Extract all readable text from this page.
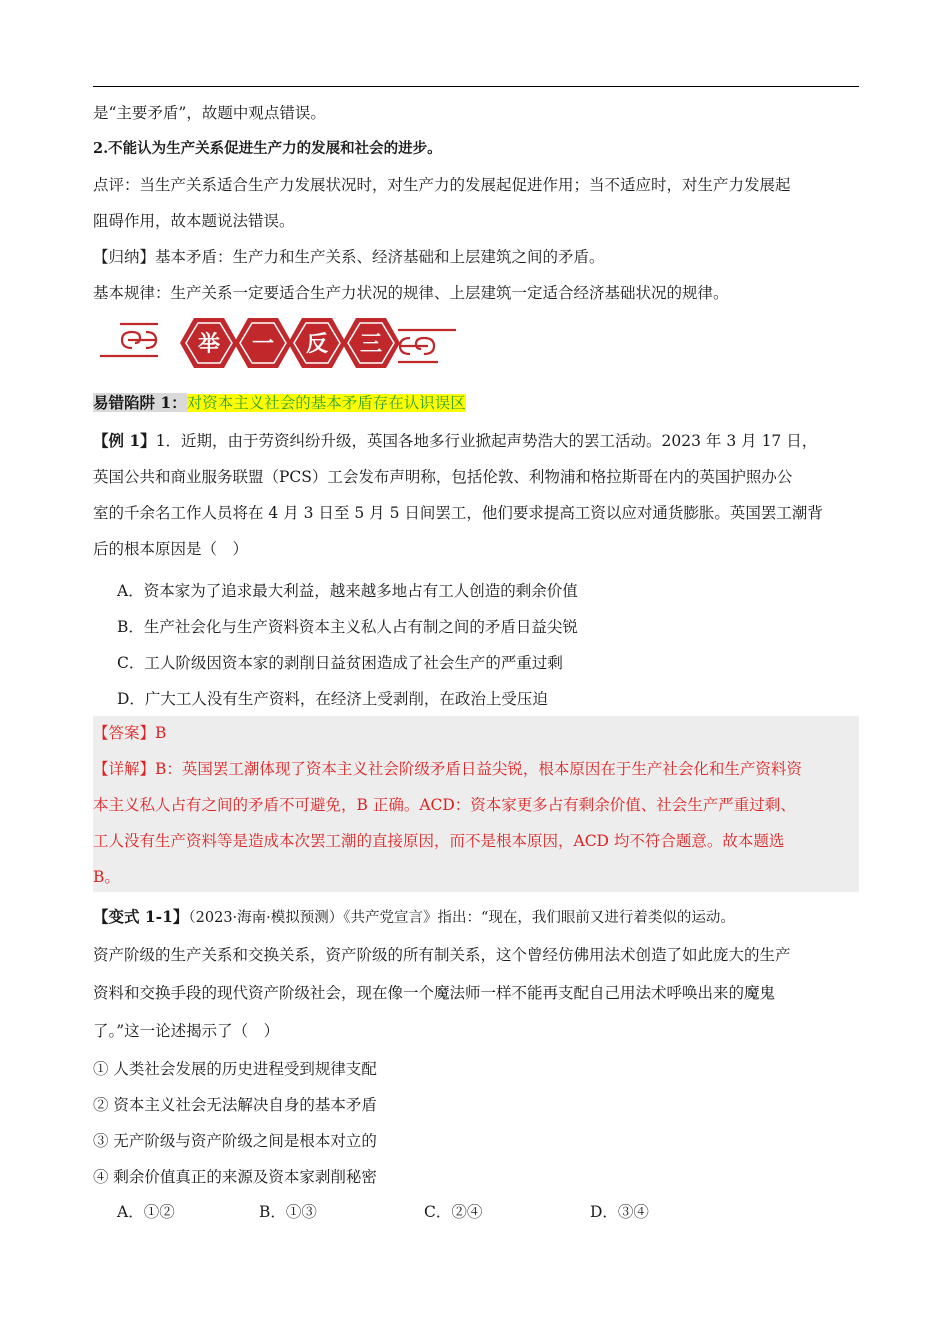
是“主要矛盾”，故题中观点错误。
2.不能认为生产关系促进生产力的发展和社会的进步。
点评：当生产关系适合生产力发展状况时，对生产力的发展起促进作用；当不适应时，对生产力发展起
阻碍作用，故本题说法错误。
【归纳】基本矛盾：生产力和生产关系、经济基础和上层建筑之间的矛盾。
基本规律：生产关系一定要适合生产力状况的规律、上层建筑一定适合经济基础状况的规律。
易错陷阱 1：对资本主义社会的基本矛盾存在认识误区
【例 1】1．近期，由于劳资纠纷升级，英国各地多行业掀起声势浩大的罢工活动。2023 年 3 月 17 日，
英国公共和商业服务联盟（PCS）工会发布声明称，包括伦敦、利物浦和格拉斯哥在内的英国护照办公
室的千余名工作人员将在 4 月 3 日至 5 月 5 日间罢工，他们要求提高工资以应对通货膨胀。英国罢工潮背
后的根本原因是（　）
A．资本家为了追求最大利益，越来越多地占有工人创造的剩余价值
B．生产社会化与生产资料资本主义私人占有制之间的矛盾日益尖锐
C．工人阶级因资本家的剥削日益贫困造成了社会生产的严重过剩
D．广大工人没有生产资料，在经济上受剥削，在政治上受压迫
【答案】B
【详解】B：英国罢工潮体现了资本主义社会阶级矛盾日益尖锐，根本原因在于生产社会化和生产资料资
本主义私人占有之间的矛盾不可避免，B 正确。ACD：资本家更多占有剩余价值、社会生产严重过剩、
工人没有生产资料等是造成本次罢工潮的直接原因，而不是根本原因，ACD 均不符合题意。故本题选
B。
【变式 1-1】（2023·海南·模拟预测）《共产党宣言》指出：“现在，我们眼前又进行着类似的运动。
资产阶级的生产关系和交换关系，资产阶级的所有制关系，这个曾经仿佛用法术创造了如此庞大的生产
资料和交换手段的现代资产阶级社会，现在像一个魔法师一样不能再支配自己用法术呼唤出来的魔鬼
了。”这一论述揭示了（　）
① 人类社会发展的历史进程受到规律支配
② 资本主义社会无法解决自身的基本矛盾
③ 无产阶级与资产阶级之间是根本对立的
④ 剩余价值真正的来源及资本家剥削秘密
A．①②	B．①③	C．②④	D．③④
举 一 反 三
